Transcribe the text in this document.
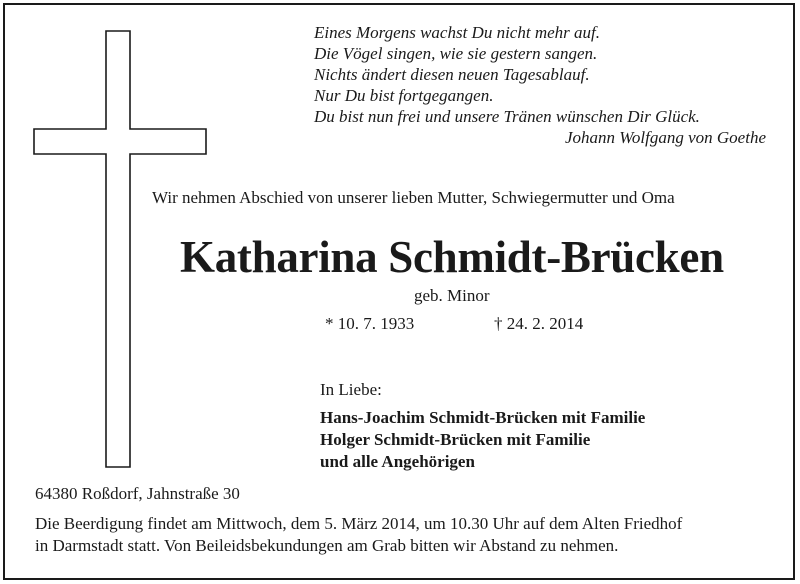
Eines Morgens wachst Du nicht mehr auf.
Die Vögel singen, wie sie gestern sangen.
Nichts ändert diesen neuen Tagesablauf.
Nur Du bist fortgegangen.
Du bist nun frei und unsere Tränen wünschen Dir Glück.
Johann Wolfgang von Goethe
Wir nehmen Abschied von unserer lieben Mutter, Schwiegermutter und Oma
Katharina Schmidt-Brücken
geb. Minor
* 10. 7. 1933	† 24. 2. 2014
In Liebe:
Hans-Joachim Schmidt-Brücken mit Familie
Holger Schmidt-Brücken mit Familie
und alle Angehörigen
64380 Roßdorf, Jahnstraße 30
Die Beerdigung findet am Mittwoch, dem 5. März 2014, um 10.30 Uhr auf dem Alten Friedhof
in Darmstadt statt. Von Beileidsbekundungen am Grab bitten wir Abstand zu nehmen.
